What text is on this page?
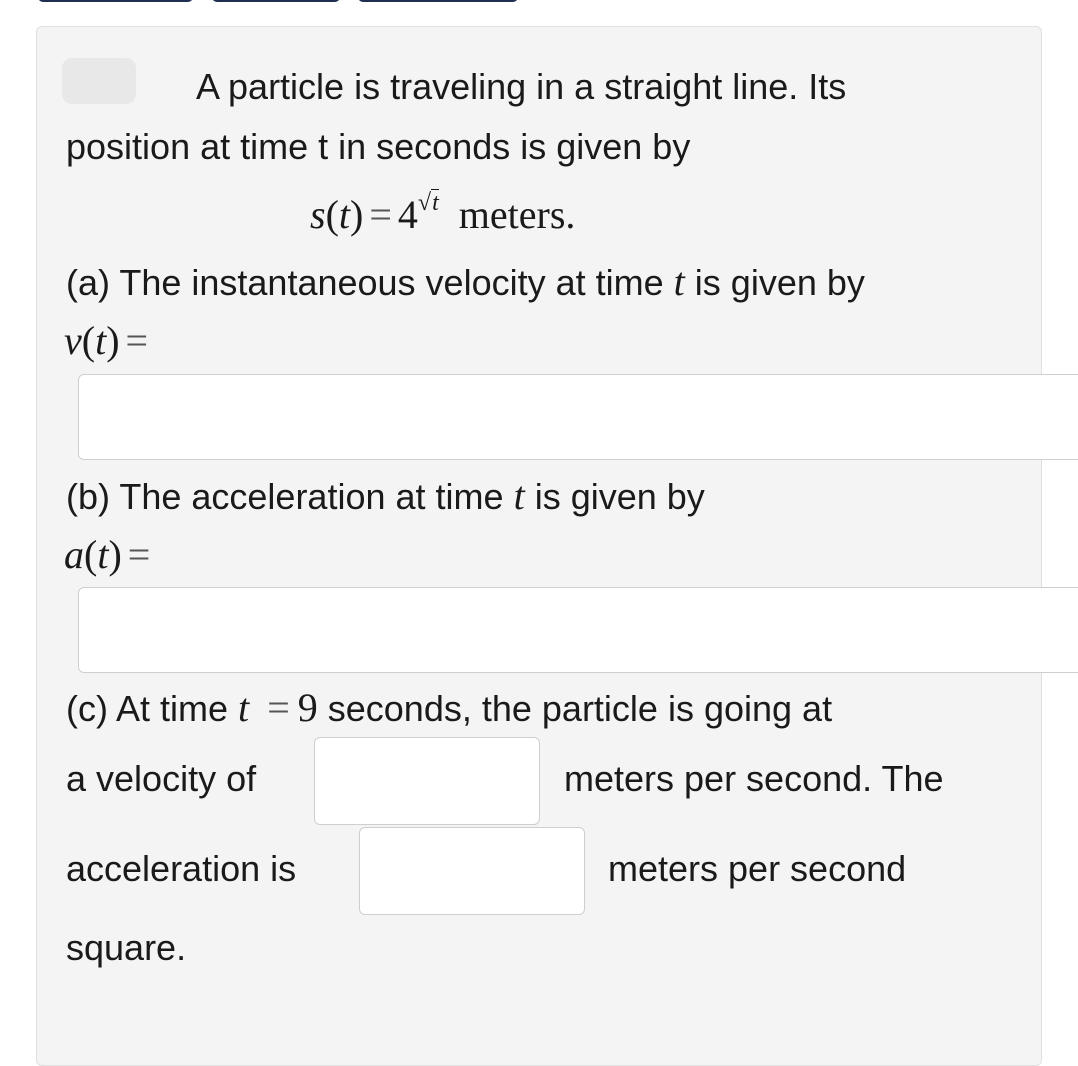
A particle is traveling in a straight line. Its
position at time t in seconds is given by
$s(t) = 4^{√t}$ meters.
(a) The instantaneous velocity at time t is given by
v(t) =
(b) The acceleration at time t is given by
a(t) =
(c) At time t = 9 seconds, the particle is going at
a velocity of	meters per second. The
acceleration is	meters per second
square.
